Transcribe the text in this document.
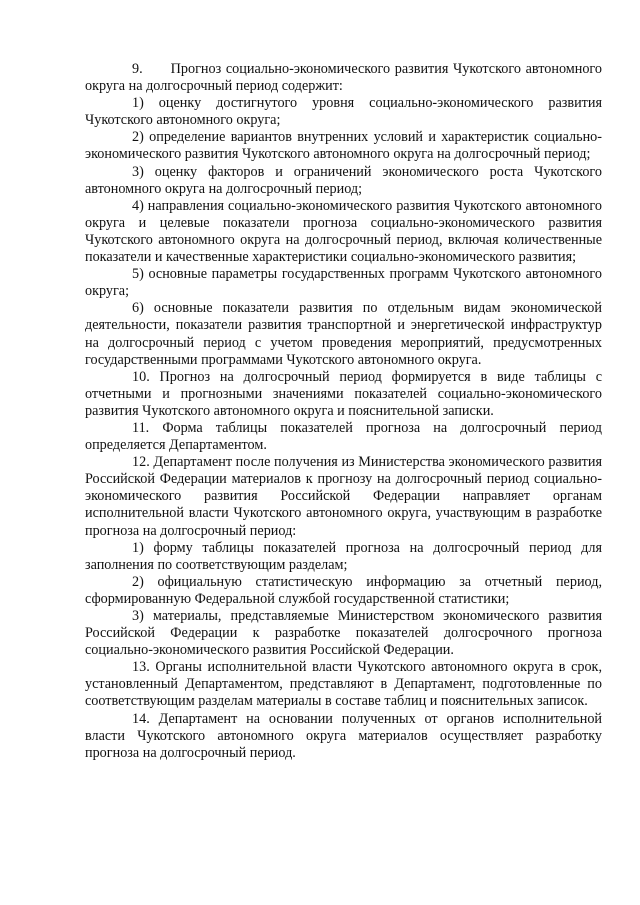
9.      Прогноз социально-экономического развития Чукотского автономного округа на долгосрочный период содержит:

1) оценку достигнутого уровня социально-экономического развития Чукотского автономного округа;

2) определение вариантов внутренних условий и характеристик социально-экономического развития Чукотского автономного округа на долгосрочный период;

3) оценку факторов и ограничений экономического роста Чукотского автономного округа на долгосрочный период;

4) направления социально-экономического развития Чукотского автономного округа и целевые показатели прогноза социально-экономического развития Чукотского автономного округа на долгосрочный период, включая количественные показатели и качественные характеристики социально-экономического развития;

5) основные параметры государственных программ Чукотского автономного округа;

6) основные показатели развития по отдельным видам экономической деятельности, показатели развития транспортной и энергетической инфраструктур на долгосрочный период с учетом проведения мероприятий, предусмотренных государственными программами Чукотского автономного округа.

10. Прогноз на долгосрочный период формируется в виде таблицы с отчетными и прогнозными значениями показателей социально-экономического развития Чукотского автономного округа и пояснительной записки.

11. Форма таблицы показателей прогноза на долгосрочный период определяется Департаментом.

12. Департамент после получения из Министерства экономического развития Российской Федерации материалов к прогнозу на долгосрочный период социально-экономического развития Российской Федерации направляет органам исполнительной власти Чукотского автономного округа, участвующим в разработке прогноза на долгосрочный период:

1) форму таблицы показателей прогноза на долгосрочный период для заполнения по соответствующим разделам;

2) официальную статистическую информацию за отчетный период, сформированную Федеральной службой государственной статистики;

3) материалы, представляемые Министерством экономического развития Российской Федерации к разработке показателей долгосрочного прогноза социально-экономического развития Российской Федерации.

13. Органы исполнительной власти Чукотского автономного округа в срок, установленный Департаментом, представляют в Департамент, подготовленные по соответствующим разделам материалы в составе таблиц и пояснительных записок.

14. Департамент на основании полученных от органов исполнительной власти Чукотского автономного округа материалов осуществляет разработку прогноза на долгосрочный период.
